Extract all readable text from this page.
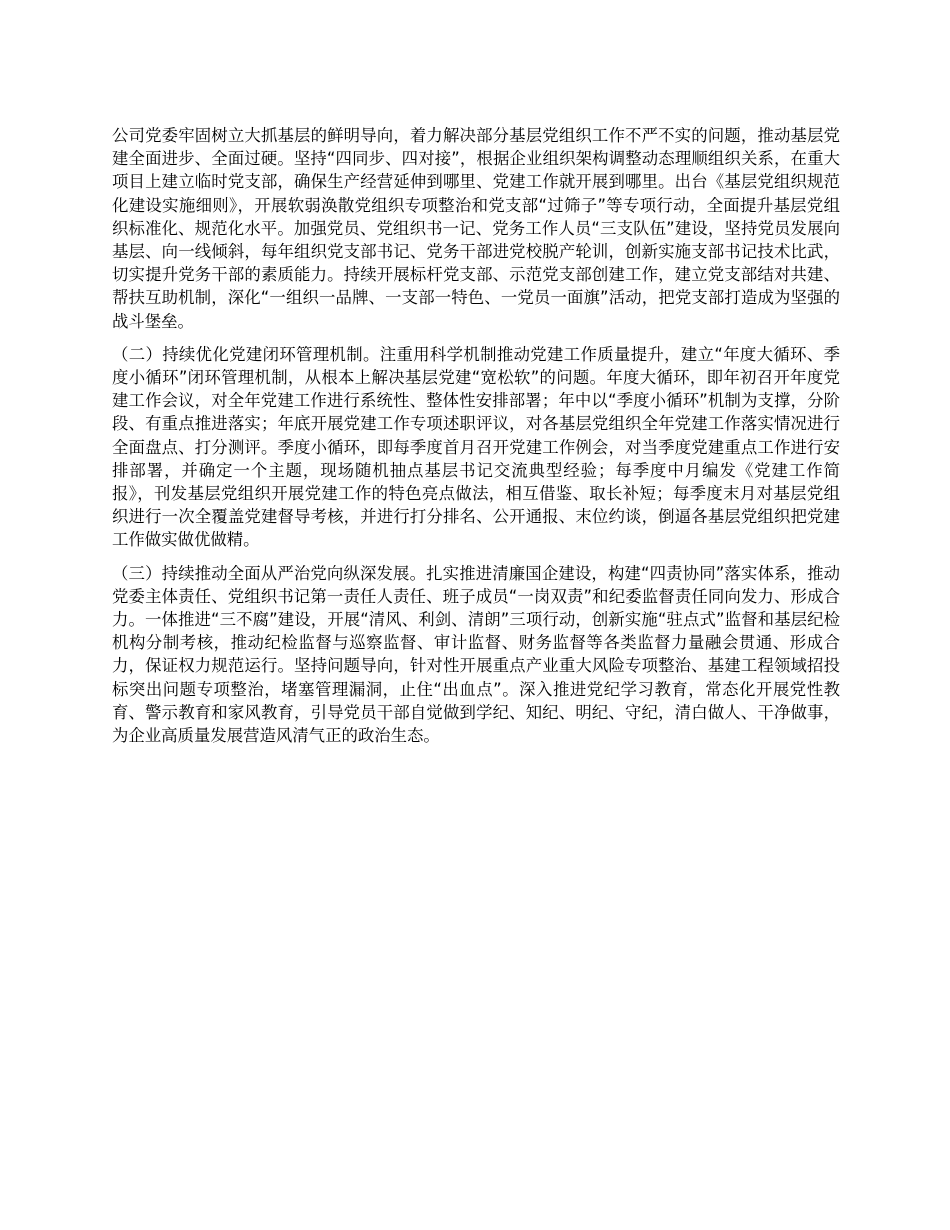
公司党委牢固树立大抓基层的鲜明导向，着力解决部分基层党组织工作不严不实的问题，推动基层党建全面进步、全面过硬。坚持“四同步、四对接”，根据企业组织架构调整动态理顺组织关系，在重大项目上建立临时党支部，确保生产经营延伸到哪里、党建工作就开展到哪里。出台《基层党组织规范化建设实施细则》，开展软弱涣散党组织专项整治和党支部“过筛子”等专项行动，全面提升基层党组织标准化、规范化水平。加强党员、党组织书一记、党务工作人员“三支队伍”建设，坚持党员发展向基层、向一线倾斜，每年组织党支部书记、党务干部进党校脱产轮训，创新实施支部书记技术比武，切实提升党务干部的素质能力。持续开展标杆党支部、示范党支部创建工作，建立党支部结对共建、帮扶互助机制，深化“一组织一品牌、一支部一特色、一党员一面旗”活动，把党支部打造成为坚强的战斗堡垒。

（二）持续优化党建闭环管理机制。注重用科学机制推动党建工作质量提升，建立“年度大循环、季度小循环”闭环管理机制，从根本上解决基层党建“宽松软”的问题。年度大循环，即年初召开年度党建工作会议，对全年党建工作进行系统性、整体性安排部署；年中以“季度小循环”机制为支撑，分阶段、有重点推进落实；年底开展党建工作专项述职评议，对各基层党组织全年党建工作落实情况进行全面盘点、打分测评。季度小循环，即每季度首月召开党建工作例会，对当季度党建重点工作进行安排部署，并确定一个主题，现场随机抽点基层书记交流典型经验；每季度中月编发《党建工作简报》，刊发基层党组织开展党建工作的特色亮点做法，相互借鉴、取长补短；每季度末月对基层党组织进行一次全覆盖党建督导考核，并进行打分排名、公开通报、末位约谈，倒逼各基层党组织把党建工作做实做优做精。

（三）持续推动全面从严治党向纵深发展。扎实推进清廉国企建设，构建“四责协同”落实体系，推动党委主体责任、党组织书记第一责任人责任、班子成员“一岗双责”和纪委监督责任同向发力、形成合力。一体推进“三不腐”建设，开展“清风、利剑、清朗”三项行动，创新实施“驻点式”监督和基层纪检机构分制考核，推动纪检监督与巡察监督、审计监督、财务监督等各类监督力量融会贯通、形成合力，保证权力规范运行。坚持问题导向，针对性开展重点产业重大风险专项整治、基建工程领域招投标突出问题专项整治，堵塞管理漏洞，止住“出血点”。深入推进党纪学习教育，常态化开展党性教育、警示教育和家风教育，引导党员干部自觉做到学纪、知纪、明纪、守纪，清白做人、干净做事，为企业高质量发展营造风清气正的政治生态。
